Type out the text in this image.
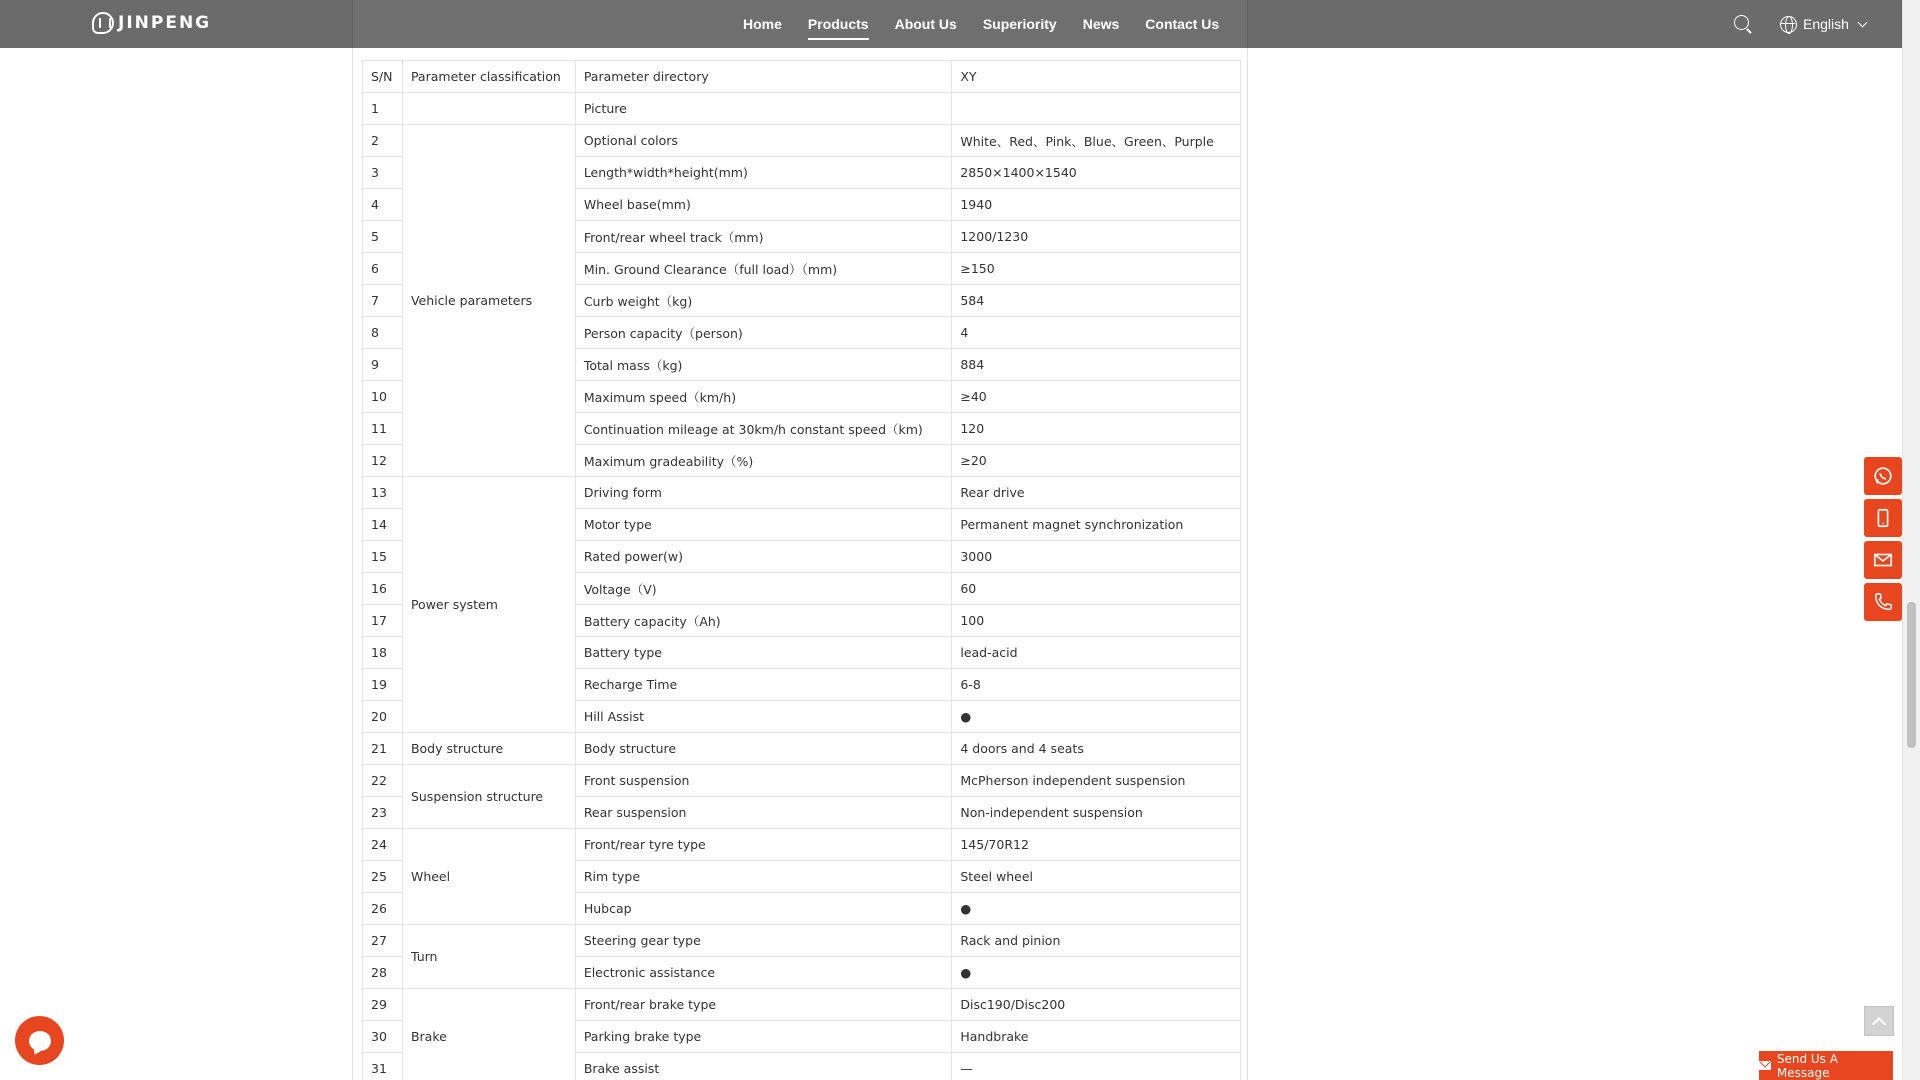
JINPENG	Home	Products	About Us	Superiority	News	Contact Us	English
S/N	Parameter classification	Parameter directory	XY
1		Picture	
2	Vehicle parameters	Optional colors	White、Red、Pink、Blue、Green、Purple
3		Length*width*height(mm)	2850×1400×1540
4		Wheel base(mm)	1940
5		Front/rear wheel track（mm)	1200/1230
6		Min. Ground Clearance（full load）（mm)	≥150
7		Curb weight（kg)	584
8		Person capacity（person)	4
9		Total mass（kg)	884
10		Maximum speed（km/h)	≥40
11		Continuation mileage at 30km/h constant speed（km)	120
12		Maximum gradeability（%)	≥20
13	Power system	Driving form	Rear drive
14		Motor type	Permanent magnet synchronization
15		Rated power(w)	3000
16		Voltage（V)	60
17		Battery capacity（Ah)	100
18		Battery type	lead-acid
19		Recharge Time	6-8
20		Hill Assist	●
21	Body structure	Body structure	4 doors and 4 seats
22	Suspension structure	Front suspension	McPherson independent suspension
23		Rear suspension	Non-independent suspension
24	Wheel	Front/rear tyre type	145/70R12
25		Rim type	Steel wheel
26		Hubcap	●
27	Turn	Steering gear type	Rack and pinion
28		Electronic assistance	●
29	Brake	Front/rear brake type	Disc190/Disc200
30		Parking brake type	Handbrake
31		Brake assist	—
Send Us A Message
